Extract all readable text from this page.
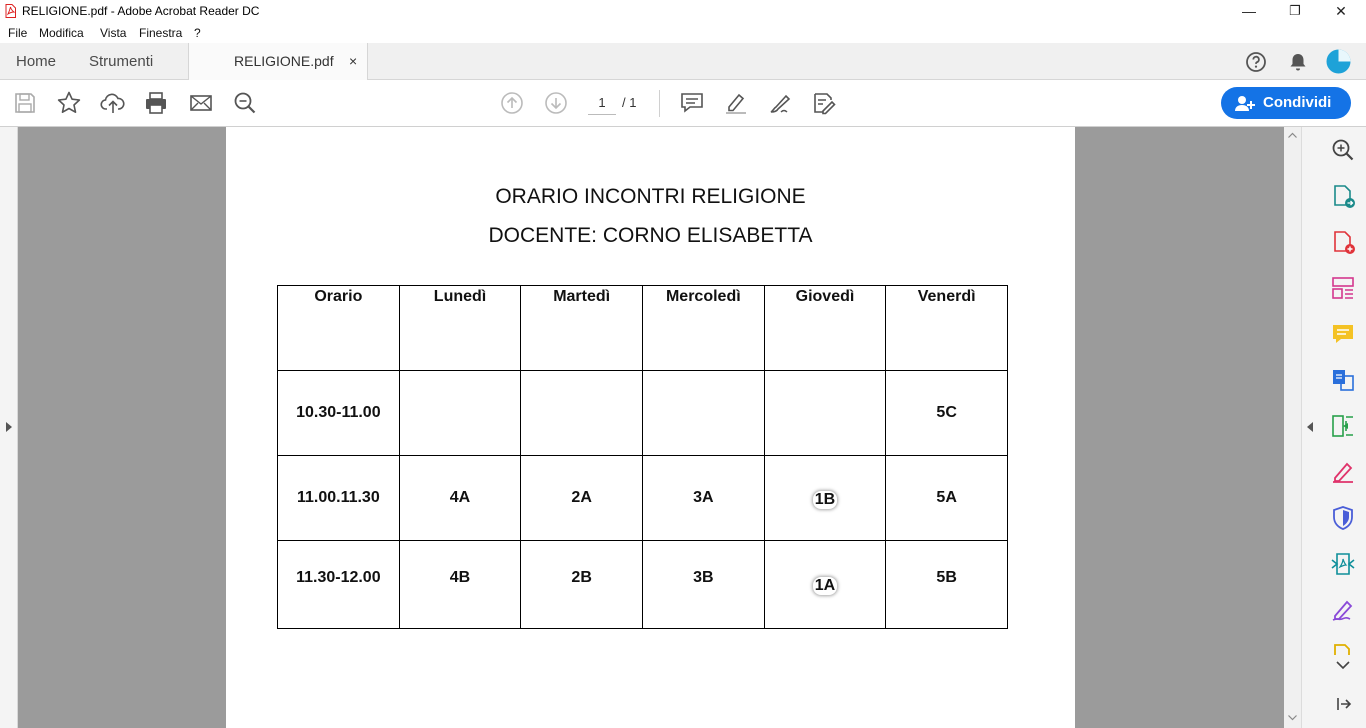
RELIGIONE.pdf - Adobe Acrobat Reader DC	—	❐	✕
File Modifica Vista Finestra ?
Home Strumenti	RELIGIONE.pdf ×
1	/ 1	Condividi
ORARIO INCONTRI RELIGIONE
DOCENTE: CORNO ELISABETTA
Orario	Lunedì	Martedì	Mercoledì	Giovedì	Venerdì
10.30-11.00					5C
11.00.11.30	4A	2A	3A	1B	5A
11.30-12.00	4B	2B	3B	1A	5B
